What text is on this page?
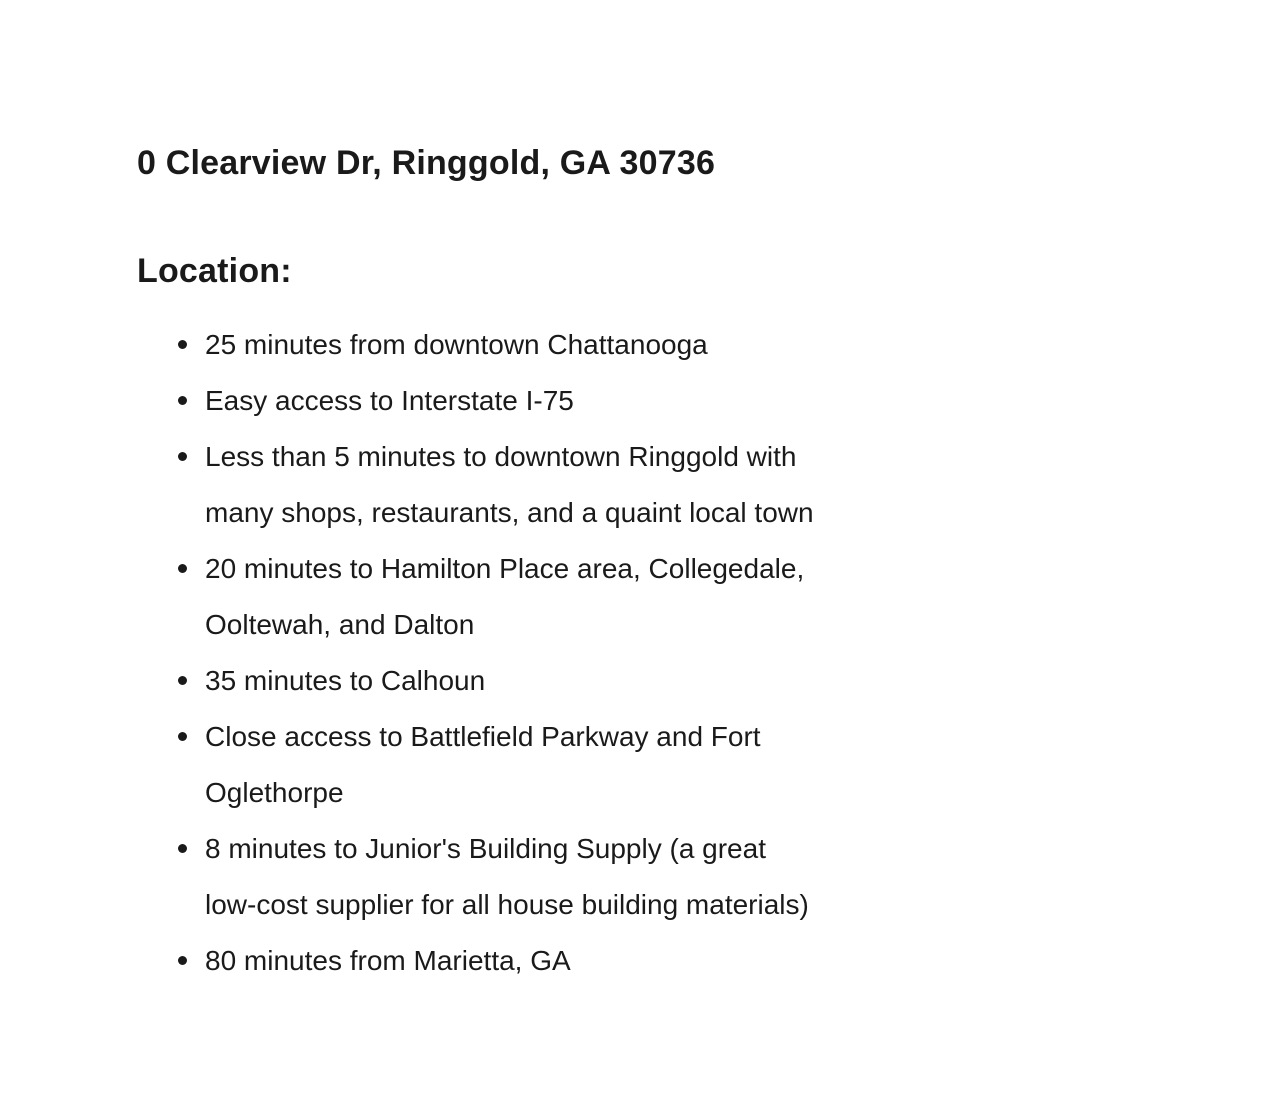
0 Clearview Dr, Ringgold, GA 30736

Location:

25 minutes from downtown Chattanooga
Easy access to Interstate I-75
Less than 5 minutes to downtown Ringgold with many shops, restaurants, and a quaint local town
20 minutes to Hamilton Place area, Collegedale, Ooltewah, and Dalton
35 minutes to Calhoun
Close access to Battlefield Parkway and Fort Oglethorpe
8 minutes to Junior's Building Supply (a great low-cost supplier for all house building materials)
80 minutes from Marietta, GA
